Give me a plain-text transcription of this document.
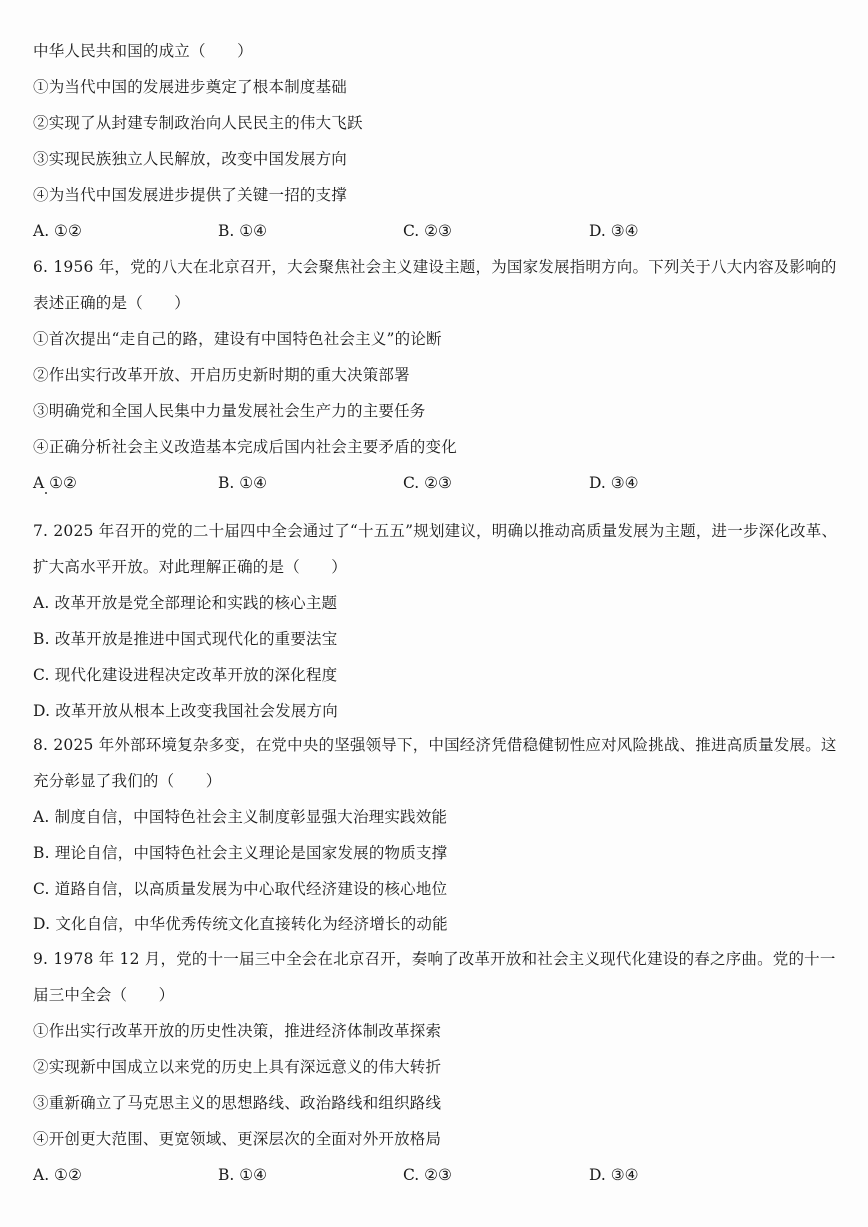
中华人民共和国的成立（　　）
①为当代中国的发展进步奠定了根本制度基础
②实现了从封建专制政治向人民民主的伟大飞跃
③实现民族独立人民解放，改变中国发展方向
④为当代中国发展进步提供了关键一招的支撑
A. ①②	B. ①④	C. ②③	D. ③④
6. 1956 年，党的八大在北京召开，大会聚焦社会主义建设主题，为国家发展指明方向。下列关于八大内容及影响的
表述正确的是（　　）
①首次提出“走自己的路，建设有中国特色社会主义”的论断
②作出实行改革开放、开启历史新时期的重大决策部署
③明确党和全国人民集中力量发展社会生产力的主要任务
④正确分析社会主义改造基本完成后国内社会主要矛盾的变化
A ①②	B. ①④	C. ②③	D. ③④
7. 2025 年召开的党的二十届四中全会通过了“十五五”规划建议，明确以推动高质量发展为主题，进一步深化改革、
扩大高水平开放。对此理解正确的是（　　）
A. 改革开放是党全部理论和实践的核心主题
B. 改革开放是推进中国式现代化的重要法宝
C. 现代化建设进程决定改革开放的深化程度
D. 改革开放从根本上改变我国社会发展方向
8. 2025 年外部环境复杂多变，在党中央的坚强领导下，中国经济凭借稳健韧性应对风险挑战、推进高质量发展。这
充分彰显了我们的（　　）
A. 制度自信，中国特色社会主义制度彰显强大治理实践效能
B. 理论自信，中国特色社会主义理论是国家发展的物质支撑
C. 道路自信，以高质量发展为中心取代经济建设的核心地位
D. 文化自信，中华优秀传统文化直接转化为经济增长的动能
9. 1978 年 12 月，党的十一届三中全会在北京召开，奏响了改革开放和社会主义现代化建设的春之序曲。党的十一
届三中全会（　　）
①作出实行改革开放的历史性决策，推进经济体制改革探索
②实现新中国成立以来党的历史上具有深远意义的伟大转折
③重新确立了马克思主义的思想路线、政治路线和组织路线
④开创更大范围、更宽领域、更深层次的全面对外开放格局
A. ①②	B. ①④	C. ②③	D. ③④
